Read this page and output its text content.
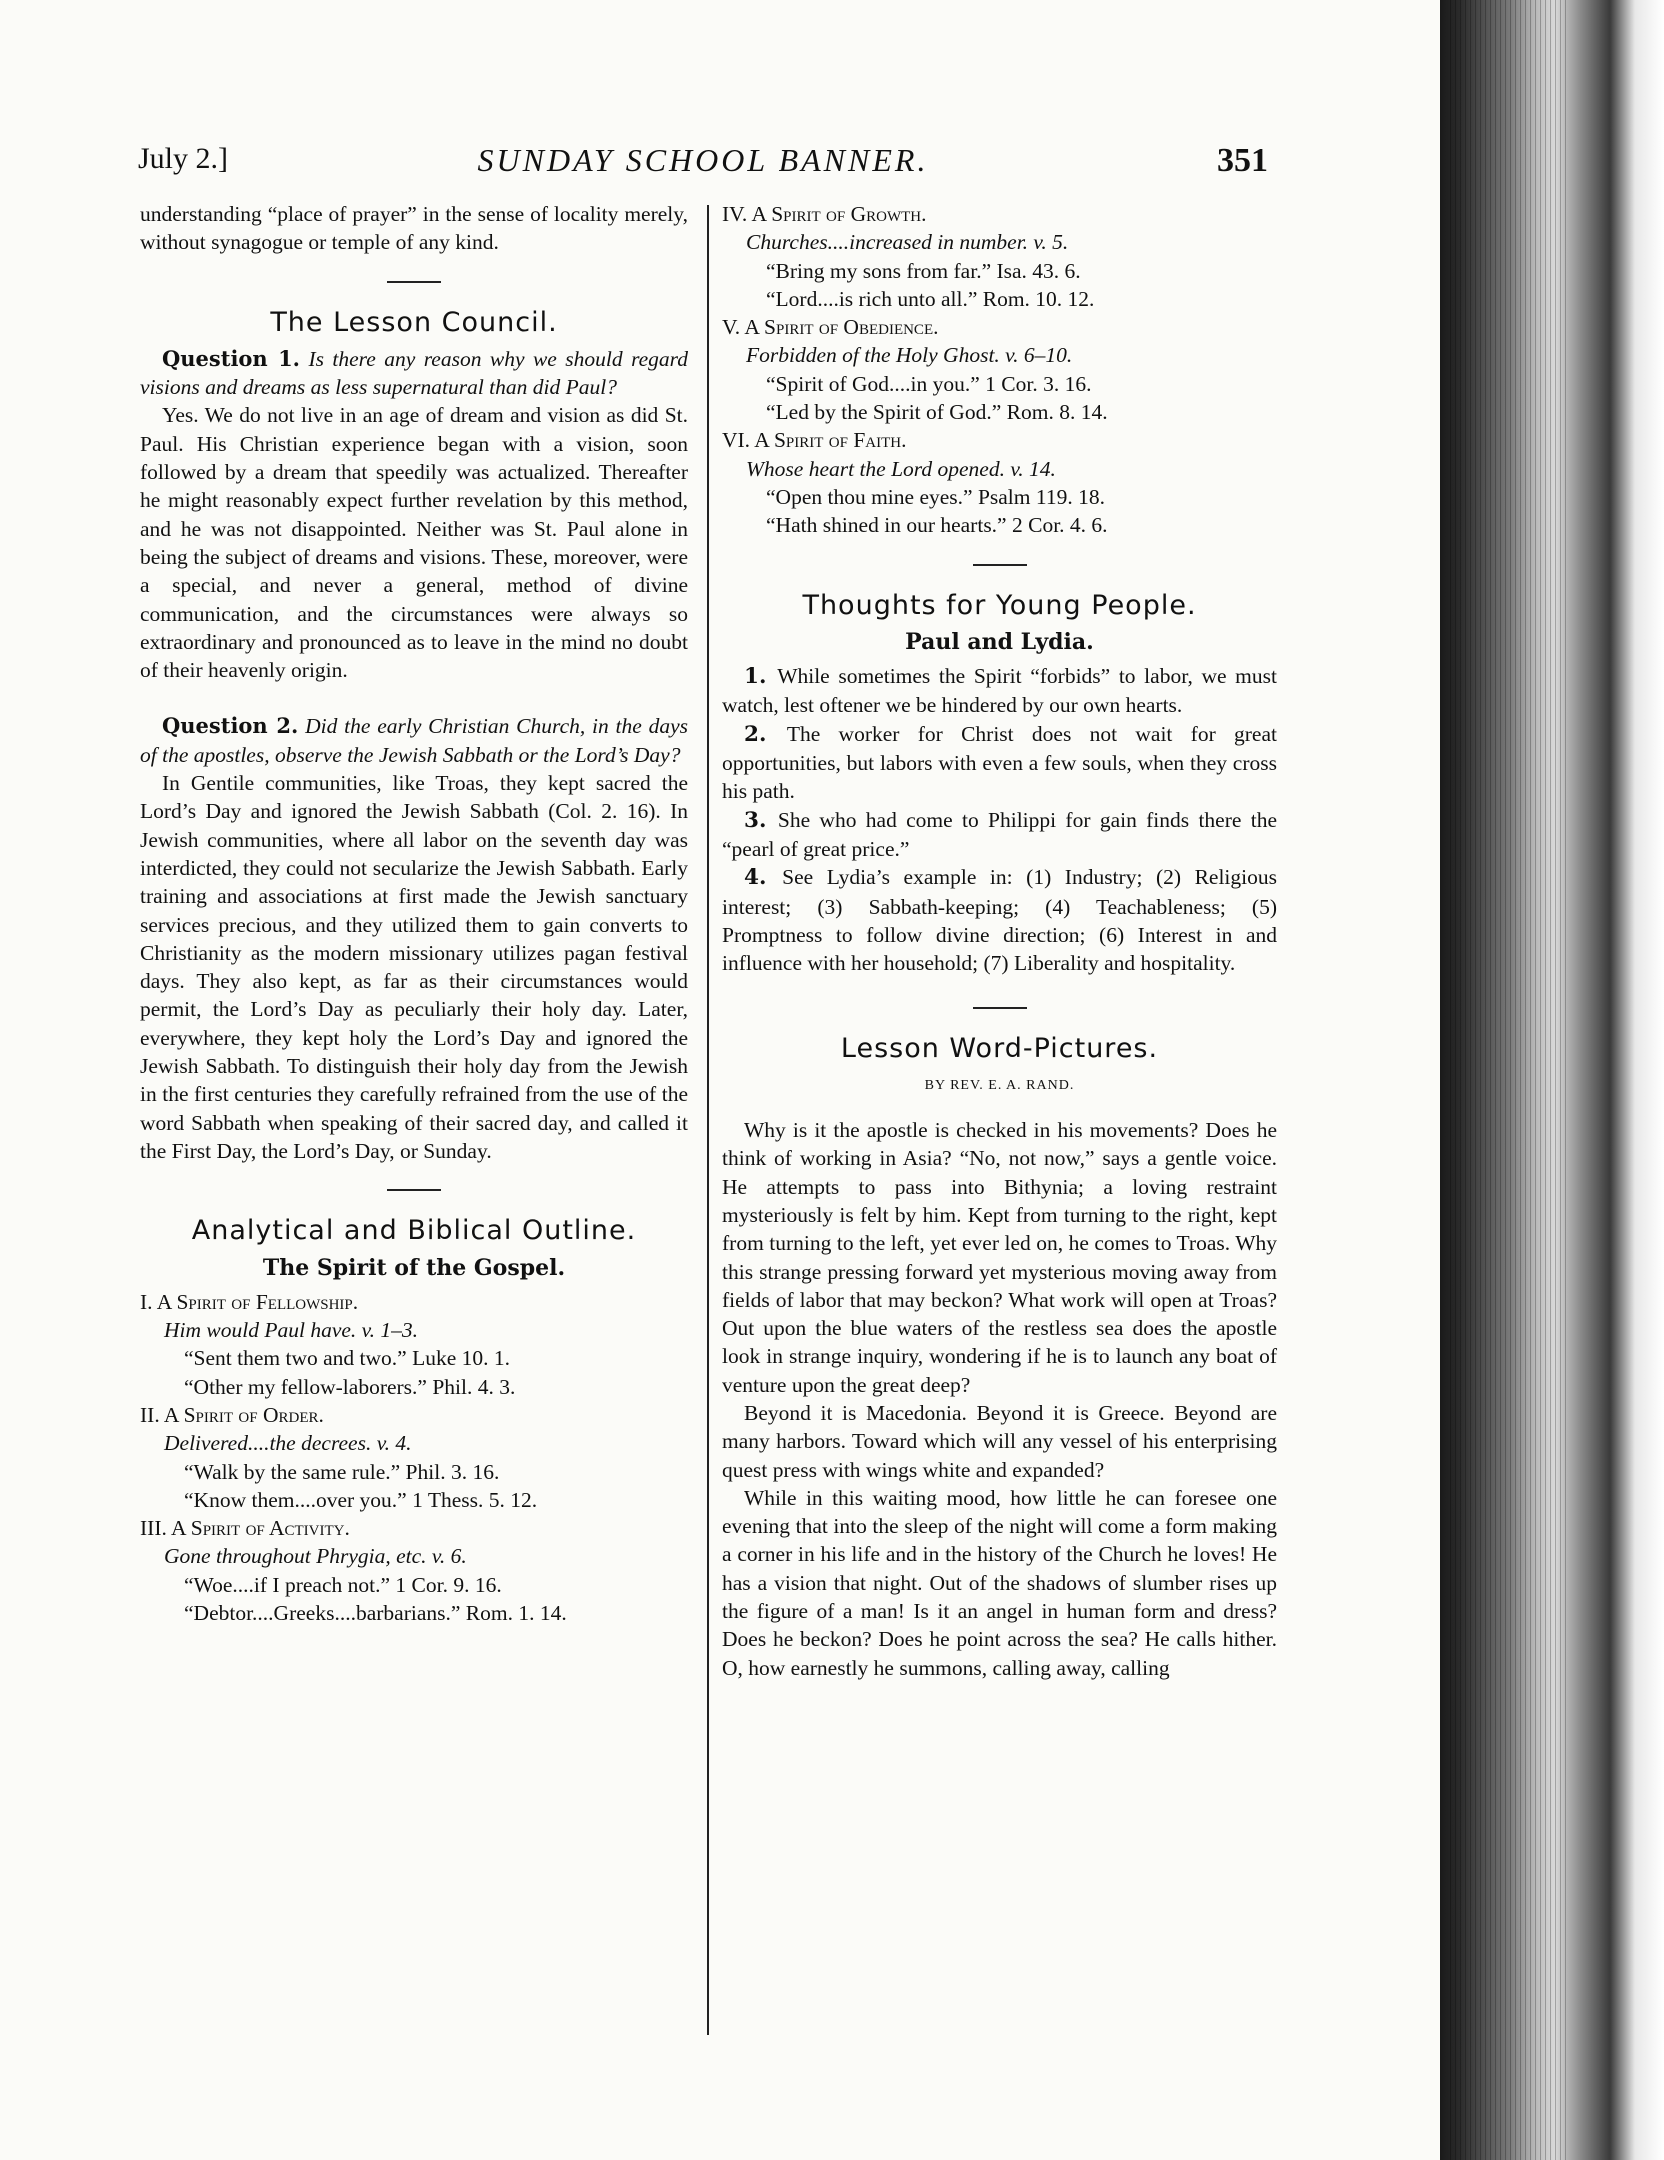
July 2.]	SUNDAY SCHOOL BANNER.	351

understanding “place of prayer” in the sense of locality merely, without synagogue or temple of any kind.

The Lesson Council.

Question 1. Is there any reason why we should regard visions and dreams as less supernatural than did Paul?

Yes. We do not live in an age of dream and vision as did St. Paul. His Christian experience began with a vision, soon followed by a dream that speedily was actualized. Thereafter he might reasonably expect further revelation by this method, and he was not disappointed. Neither was St. Paul alone in being the subject of dreams and visions. These, moreover, were a special, and never a general, method of divine communication, and the circumstances were always so extraordinary and pronounced as to leave in the mind no doubt of their heavenly origin.

Question 2. Did the early Christian Church, in the days of the apostles, observe the Jewish Sabbath or the Lord’s Day?

In Gentile communities, like Troas, they kept sacred the Lord’s Day and ignored the Jewish Sabbath (Col. 2. 16). In Jewish communities, where all labor on the seventh day was interdicted, they could not secularize the Jewish Sabbath. Early training and associations at first made the Jewish sanctuary services precious, and they utilized them to gain converts to Christianity as the modern missionary utilizes pagan festival days. They also kept, as far as their circumstances would permit, the Lord’s Day as peculiarly their holy day. Later, everywhere, they kept holy the Lord’s Day and ignored the Jewish Sabbath. To distinguish their holy day from the Jewish in the first centuries they carefully refrained from the use of the word Sabbath when speaking of their sacred day, and called it the First Day, the Lord’s Day, or Sunday.

Analytical and Biblical Outline.
The Spirit of the Gospel.
I. A Spirit of Fellowship.
Him would Paul have. v. 1–3.
“Sent them two and two.” Luke 10. 1.
“Other my fellow-laborers.” Phil. 4. 3.
II. A Spirit of Order.
Delivered....the decrees. v. 4.
“Walk by the same rule.” Phil. 3. 16.
“Know them....over you.” 1 Thess. 5. 12.
III. A Spirit of Activity.
Gone throughout Phrygia, etc. v. 6.
“Woe....if I preach not.” 1 Cor. 9. 16.
“Debtor....Greeks....barbarians.” Rom. 1. 14.
IV. A Spirit of Growth.
Churches....increased in number. v. 5.
“Bring my sons from far.” Isa. 43. 6.
“Lord....is rich unto all.” Rom. 10. 12.
V. A Spirit of Obedience.
Forbidden of the Holy Ghost. v. 6–10.
“Spirit of God....in you.” 1 Cor. 3. 16.
“Led by the Spirit of God.” Rom. 8. 14.
VI. A Spirit of Faith.
Whose heart the Lord opened. v. 14.
“Open thou mine eyes.” Psalm 119. 18.
“Hath shined in our hearts.” 2 Cor. 4. 6.
Thoughts for Young People.
Paul and Lydia.

1. While sometimes the Spirit “forbids” to labor, we must watch, lest oftener we be hindered by our own hearts.

2. The worker for Christ does not wait for great opportunities, but labors with even a few souls, when they cross his path.

3. She who had come to Philippi for gain finds there the “pearl of great price.”

4. See Lydia’s example in: (1) Industry; (2) Religious interest; (3) Sabbath-keeping; (4) Teachableness; (5) Promptness to follow divine direction; (6) Interest in and influence with her household; (7) Liberality and hospitality.

Lesson Word-Pictures.
BY REV. E. A. RAND.

Why is it the apostle is checked in his movements? Does he think of working in Asia? “No, not now,” says a gentle voice. He attempts to pass into Bithynia; a loving restraint mysteriously is felt by him. Kept from turning to the right, kept from turning to the left, yet ever led on, he comes to Troas. Why this strange pressing forward yet mysterious moving away from fields of labor that may beckon? What work will open at Troas? Out upon the blue waters of the restless sea does the apostle look in strange inquiry, wondering if he is to launch any boat of venture upon the great deep?

Beyond it is Macedonia. Beyond it is Greece. Beyond are many harbors. Toward which will any vessel of his enterprising quest press with wings white and expanded?

While in this waiting mood, how little he can foresee one evening that into the sleep of the night will come a form making a corner in his life and in the history of the Church he loves! He has a vision that night. Out of the shadows of slumber rises up the figure of a man! Is it an angel in human form and dress? Does he beckon? Does he point across the sea? He calls hither. O, how earnestly he summons, calling away, calling
